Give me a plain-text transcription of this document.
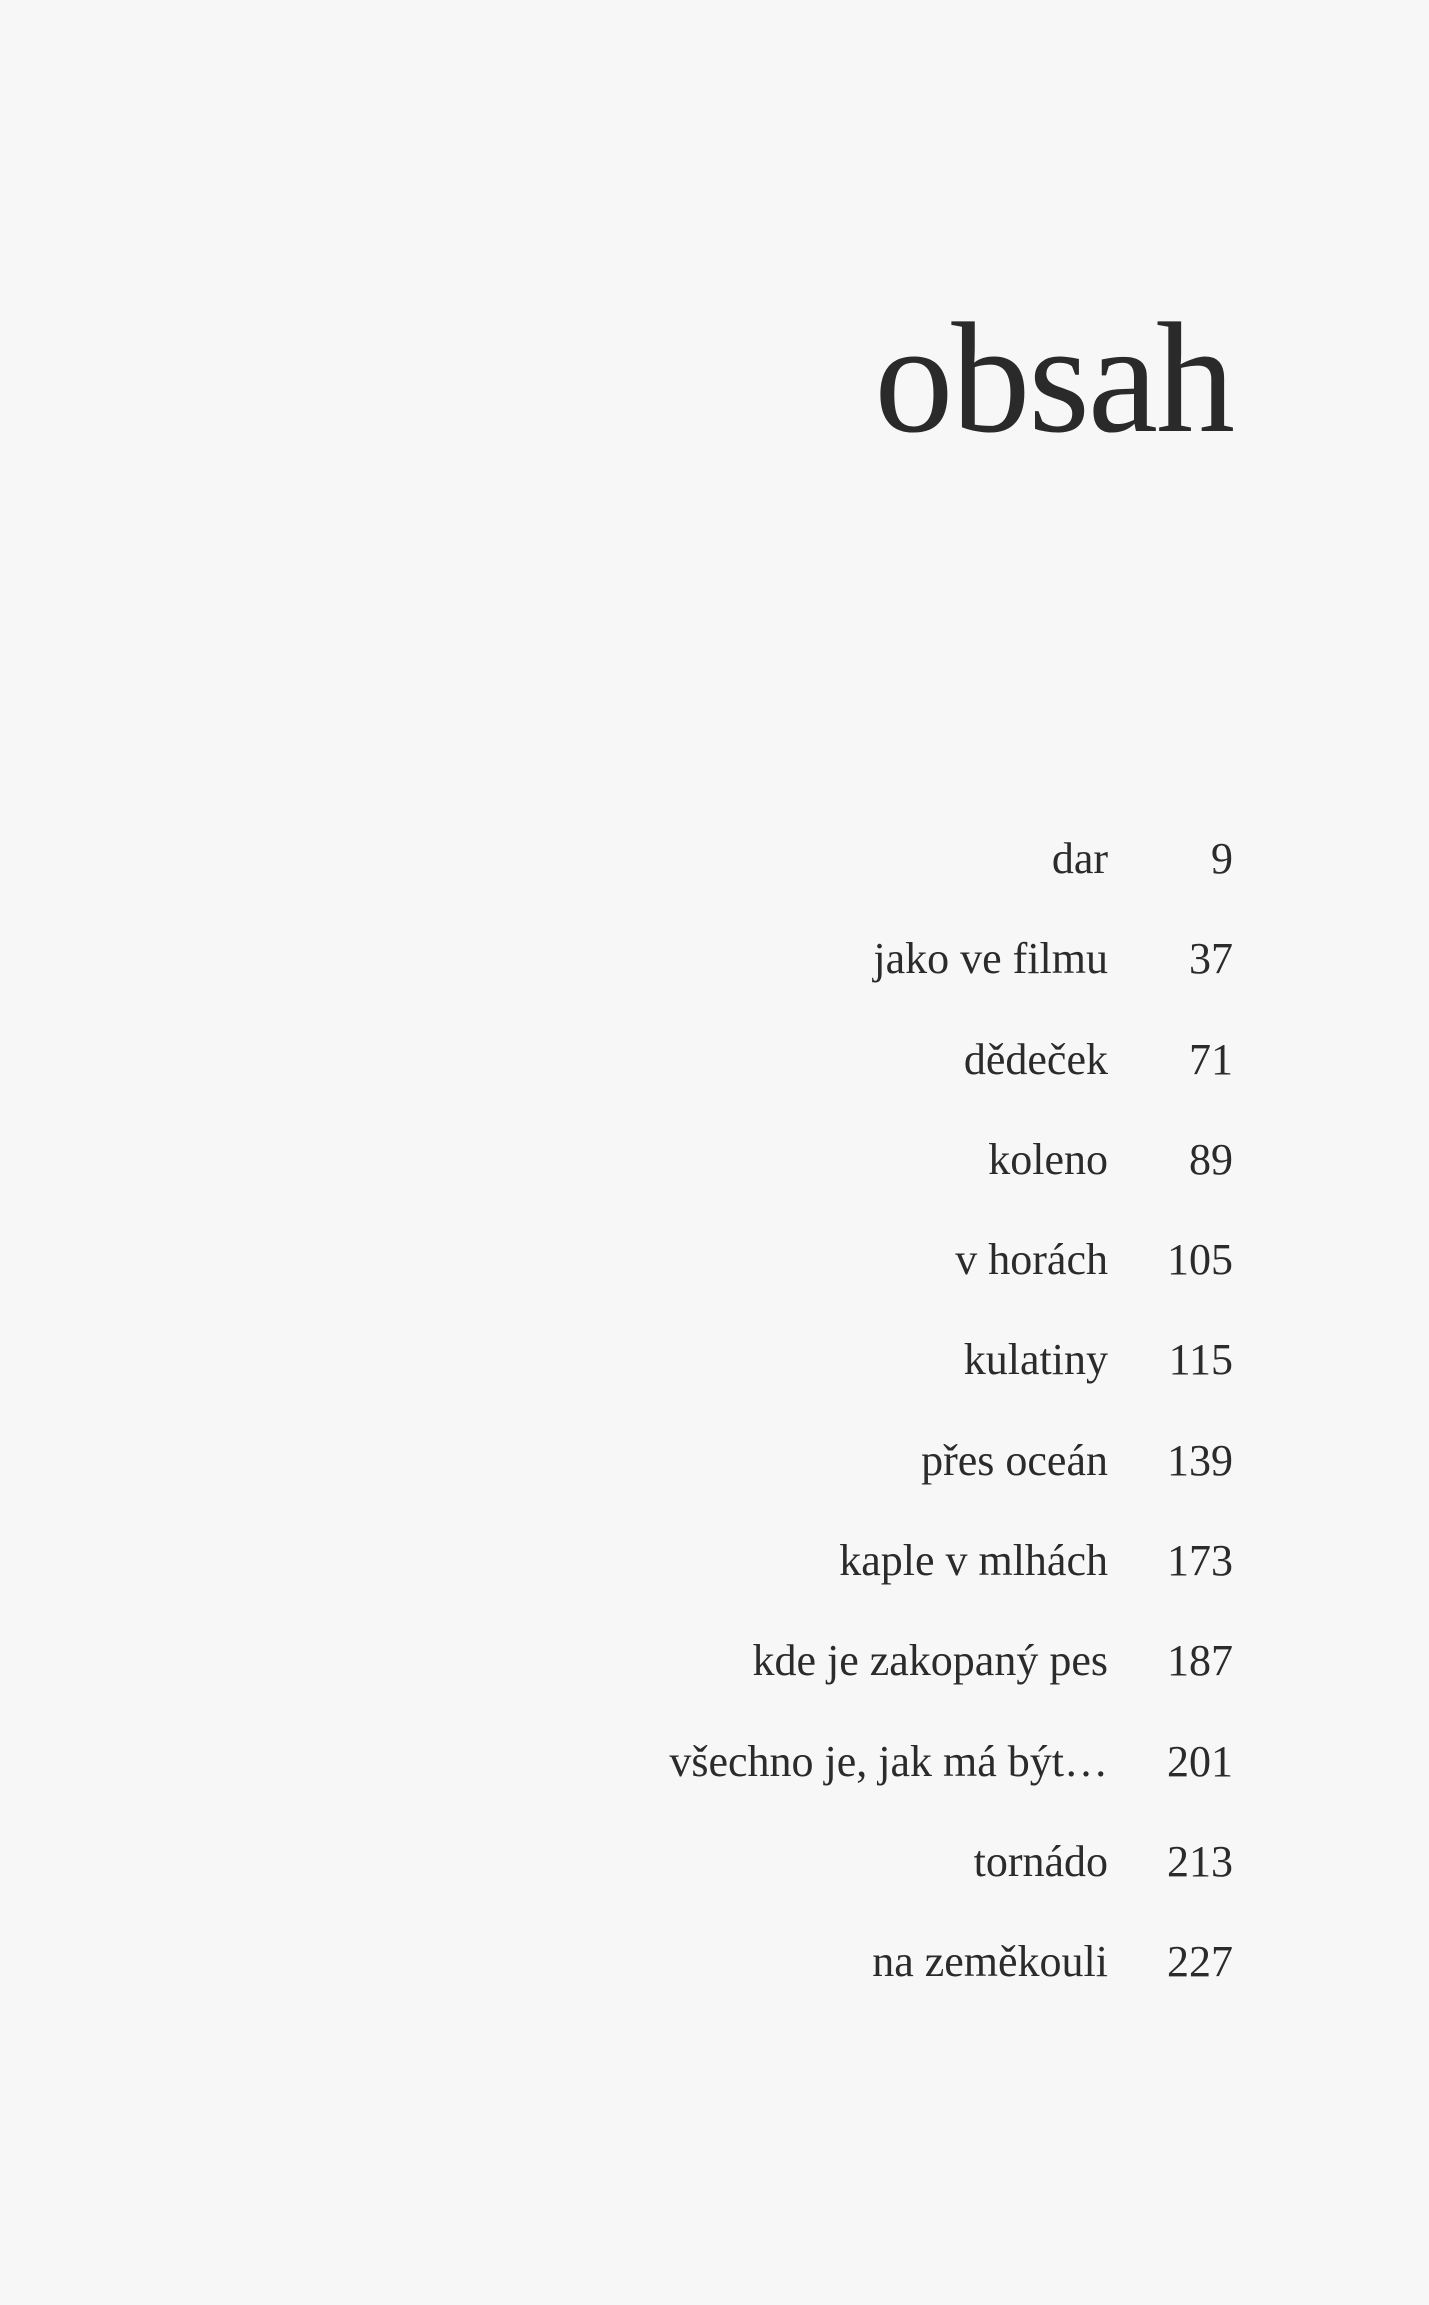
obsah
dar	9
jako ve filmu	37
dědeček	71
koleno	89
v horách	105
kulatiny	115
přes oceán	139
kaple v mlhách	173
kde je zakopaný pes	187
všechno je, jak má být…	201
tornádo	213
na zeměkouli	227
